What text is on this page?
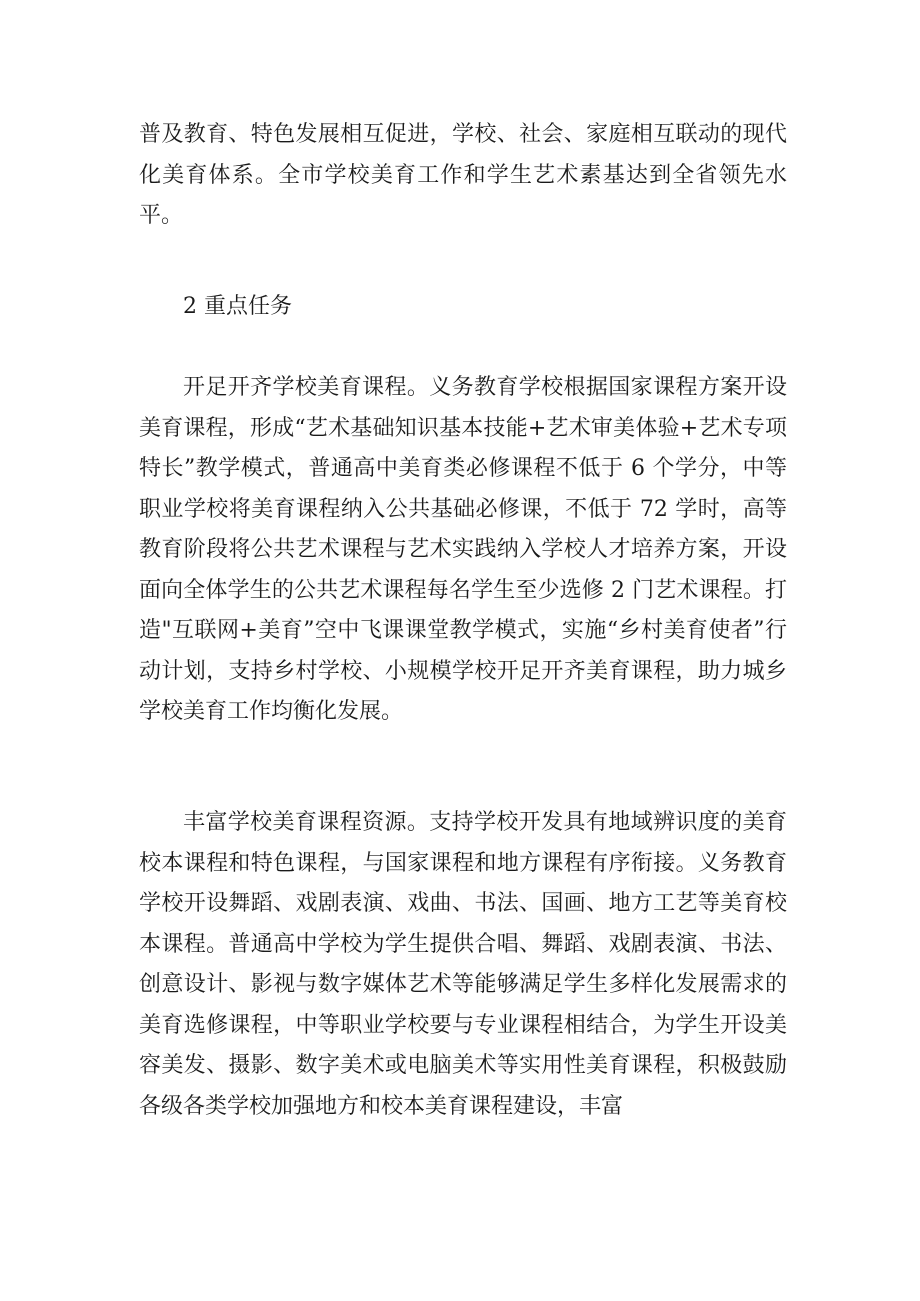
普及教育、特色发展相互促进，学校、社会、家庭相互联动的现代化美育体系。全市学校美育工作和学生艺术素基达到全省领先水平。

2 重点任务

开足开齐学校美育课程。义务教育学校根据国家课程方案开设美育课程，形成“艺术基础知识基本技能+艺术审美体验+艺术专项特长”教学模式，普通高中美育类必修课程不低于 6 个学分，中等职业学校将美育课程纳入公共基础必修课，不低于 72 学时，高等教育阶段将公共艺术课程与艺术实践纳入学校人才培养方案，开设面向全体学生的公共艺术课程每名学生至少选修 2 门艺术课程。打造"互联网+美育”空中飞课课堂教学模式，实施“乡村美育使者”行动计划，支持乡村学校、小规模学校开足开齐美育课程，助力城乡学校美育工作均衡化发展。

丰富学校美育课程资源。支持学校开发具有地域辨识度的美育校本课程和特色课程，与国家课程和地方课程有序衔接。义务教育学校开设舞蹈、戏剧表演、戏曲、书法、国画、地方工艺等美育校本课程。普通高中学校为学生提供合唱、舞蹈、戏剧表演、书法、创意设计、影视与数字媒体艺术等能够满足学生多样化发展需求的美育选修课程，中等职业学校要与专业课程相结合，为学生开设美容美发、摄影、数字美术或电脑美术等实用性美育课程，积极鼓励各级各类学校加强地方和校本美育课程建设，丰富
